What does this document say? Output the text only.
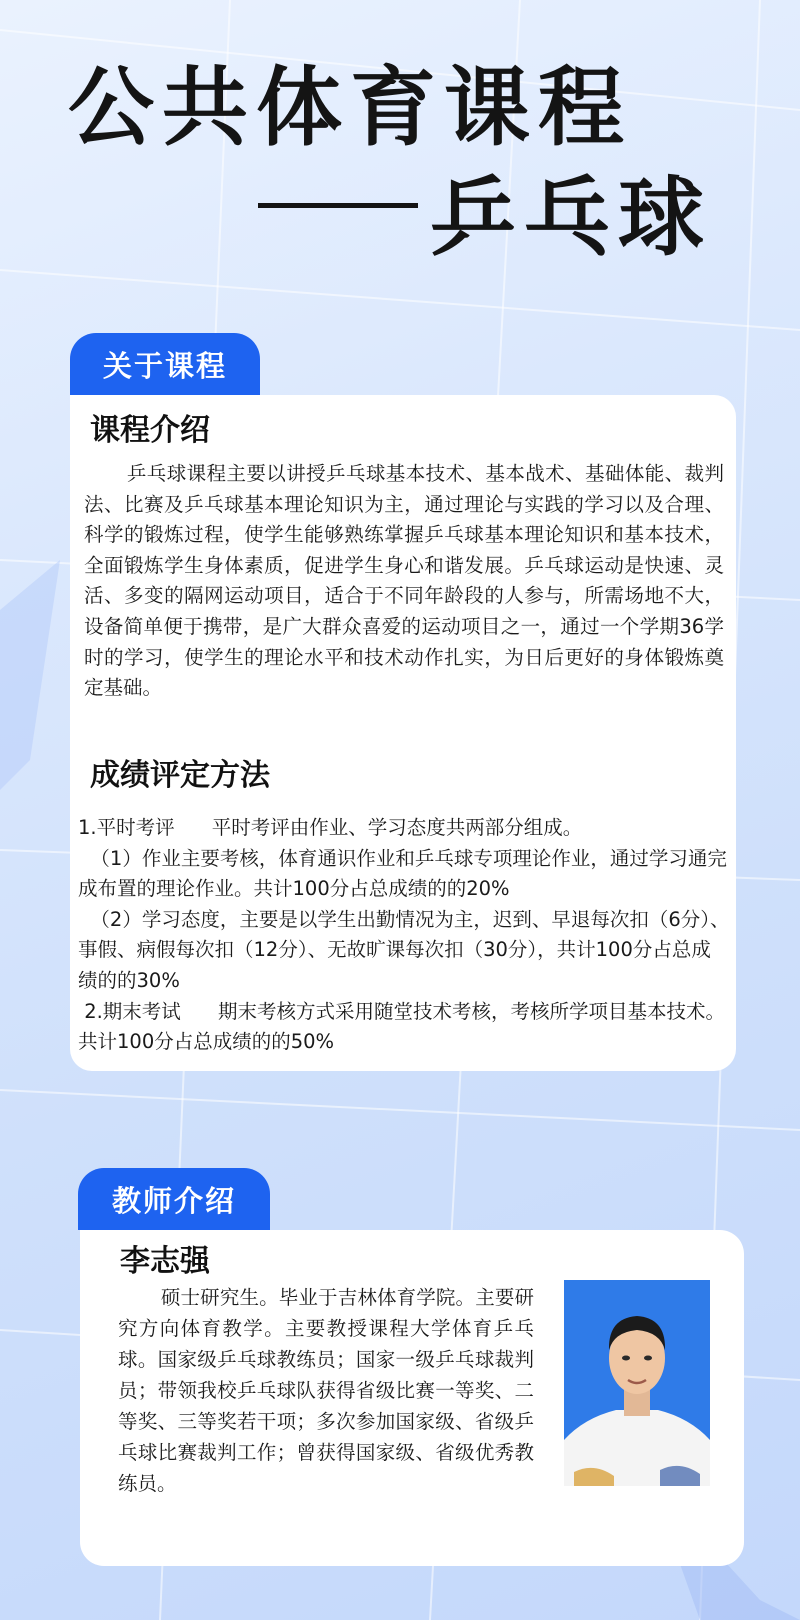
公共体育课程
乒乓球
关于课程
课程介绍

乒乓球课程主要以讲授乒乓球基本技术、基本战术、基础体能、裁判法、比赛及乒乓球基本理论知识为主，通过理论与实践的学习以及合理、科学的锻炼过程，使学生能够熟练掌握乒乓球基本理论知识和基本技术，全面锻炼学生身体素质，促进学生身心和谐发展。乒乓球运动是快速、灵活、多变的隔网运动项目，适合于不同年龄段的人参与，所需场地不大，设备简单便于携带，是广大群众喜爱的运动项目之一，通过一个学期36学时的学习，使学生的理论水平和技术动作扎实，为日后更好的身体锻炼奠定基础。

成绩评定方法
1.平时考评      平时考评由作业、学习态度共两部分组成。
（1）作业主要考核，体育通识作业和乒乓球专项理论作业，通过学习通完成布置的理论作业。共计100分占总成绩的的20%
（2）学习态度，主要是以学生出勤情况为主，迟到、早退每次扣（6分）、事假、病假每次扣（12分）、无故旷课每次扣（30分），共计100分占总成绩的的30%
2.期末考试      期末考核方式采用随堂技术考核，考核所学项目基本技术。共计100分占总成绩的的50%
教师介绍
李志强

硕士研究生。毕业于吉林体育学院。主要研究方向体育教学。主要教授课程大学体育乒乓球。国家级乒乓球教练员；国家一级乒乓球裁判员；带领我校乒乓球队获得省级比赛一等奖、二等奖、三等奖若干项；多次参加国家级、省级乒乓球比赛裁判工作；曾获得国家级、省级优秀教练员。
